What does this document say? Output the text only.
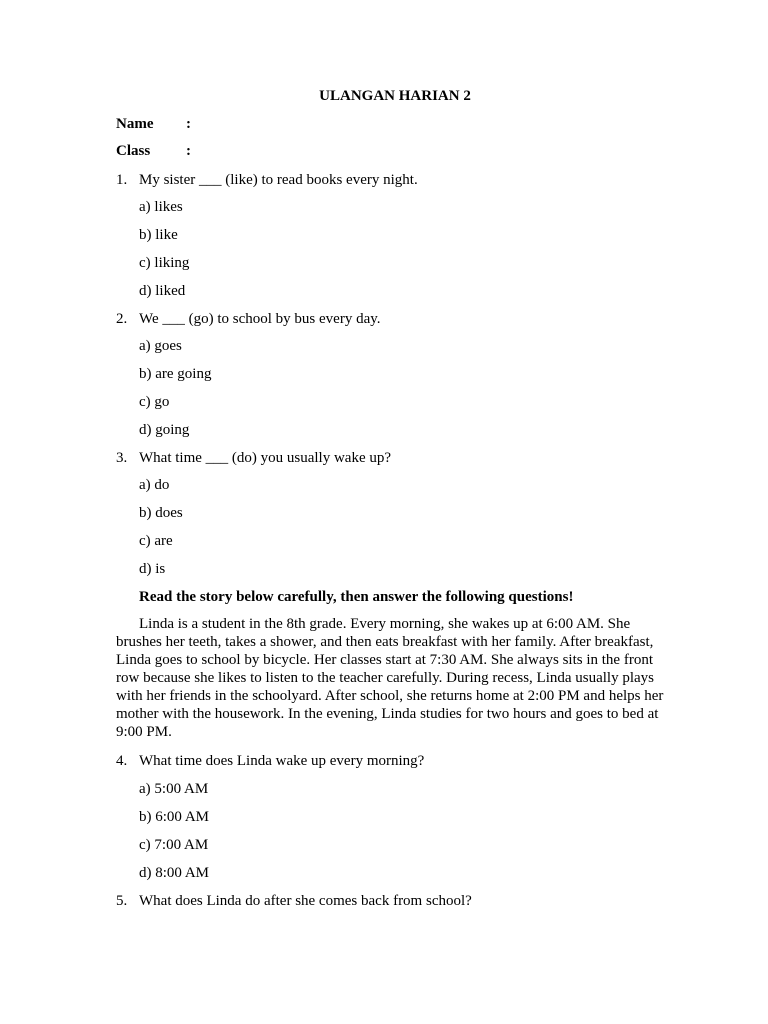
ULANGAN HARIAN 2
Name :
Class :
1. My sister ___ (like) to read books every night.
a) likes
b) like
c) liking
d) liked
2. We ___ (go) to school by bus every day.
a) goes
b) are going
c) go
d) going
3. What time ___ (do) you usually wake up?
a) do
b) does
c) are
d) is
Read the story below carefully, then answer the following questions!

Linda is a student in the 8th grade. Every morning, she wakes up at 6:00 AM. She brushes her teeth, takes a shower, and then eats breakfast with her family. After breakfast, Linda goes to school by bicycle. Her classes start at 7:30 AM. She always sits in the front row because she likes to listen to the teacher carefully. During recess, Linda usually plays with her friends in the schoolyard. After school, she returns home at 2:00 PM and helps her mother with the housework. In the evening, Linda studies for two hours and goes to bed at 9:00 PM.

4. What time does Linda wake up every morning?
a) 5:00 AM
b) 6:00 AM
c) 7:00 AM
d) 8:00 AM
5. What does Linda do after she comes back from school?
